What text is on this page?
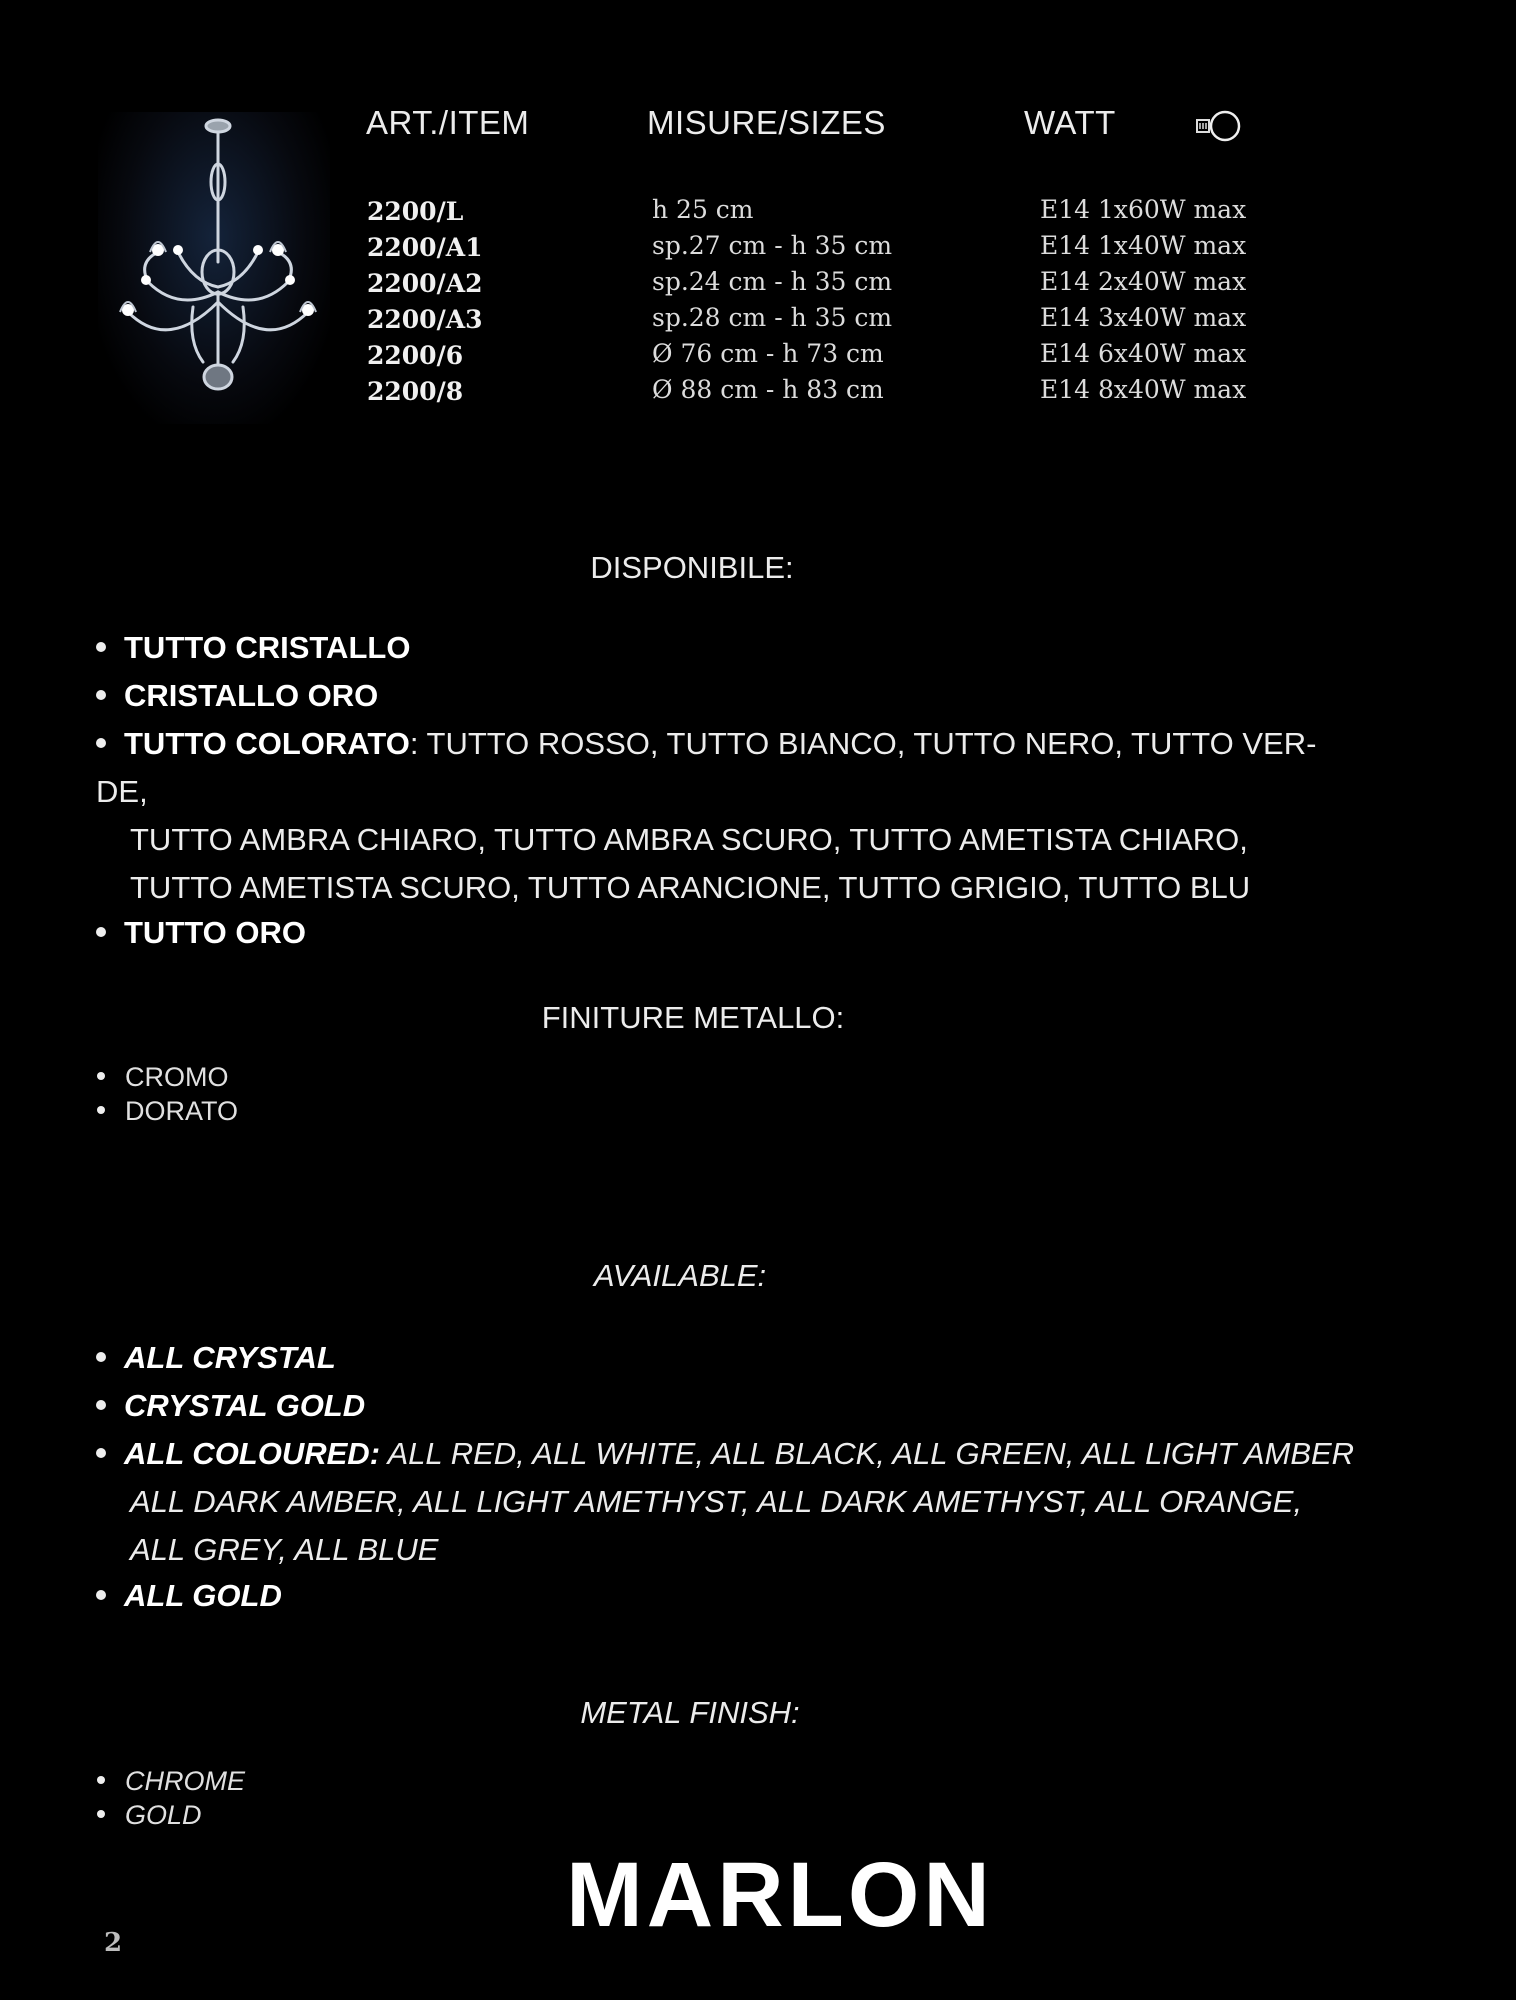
ART./ITEM	MISURE/SIZES	WATT
2200/L
2200/A1
2200/A2
2200/A3
2200/6
2200/8
h 25 cm
sp.27 cm - h 35 cm
sp.24 cm - h 35 cm
sp.28 cm - h 35 cm
Ø 76 cm - h 73 cm
Ø 88 cm - h 83 cm
E14 1x60W max
E14 1x40W max
E14 2x40W max
E14 3x40W max
E14 6x40W max
E14 8x40W max
DISPONIBILE:
TUTTO CRISTALLO
CRISTALLO ORO
TUTTO COLORATO: TUTTO ROSSO, TUTTO BIANCO, TUTTO NERO, TUTTO VER-
DE,
TUTTO AMBRA CHIARO, TUTTO AMBRA SCURO, TUTTO AMETISTA CHIARO,
TUTTO AMETISTA SCURO, TUTTO ARANCIONE, TUTTO GRIGIO, TUTTO BLU
TUTTO ORO
FINITURE METALLO:
CROMO
DORATO
AVAILABLE:
ALL CRYSTAL
CRYSTAL GOLD
ALL COLOURED: ALL RED, ALL WHITE, ALL BLACK, ALL GREEN, ALL LIGHT AMBER
ALL DARK AMBER, ALL LIGHT AMETHYST, ALL DARK AMETHYST, ALL ORANGE,
ALL GREY, ALL BLUE
ALL GOLD
METAL FINISH:
CHROME
GOLD
MARLON
2
